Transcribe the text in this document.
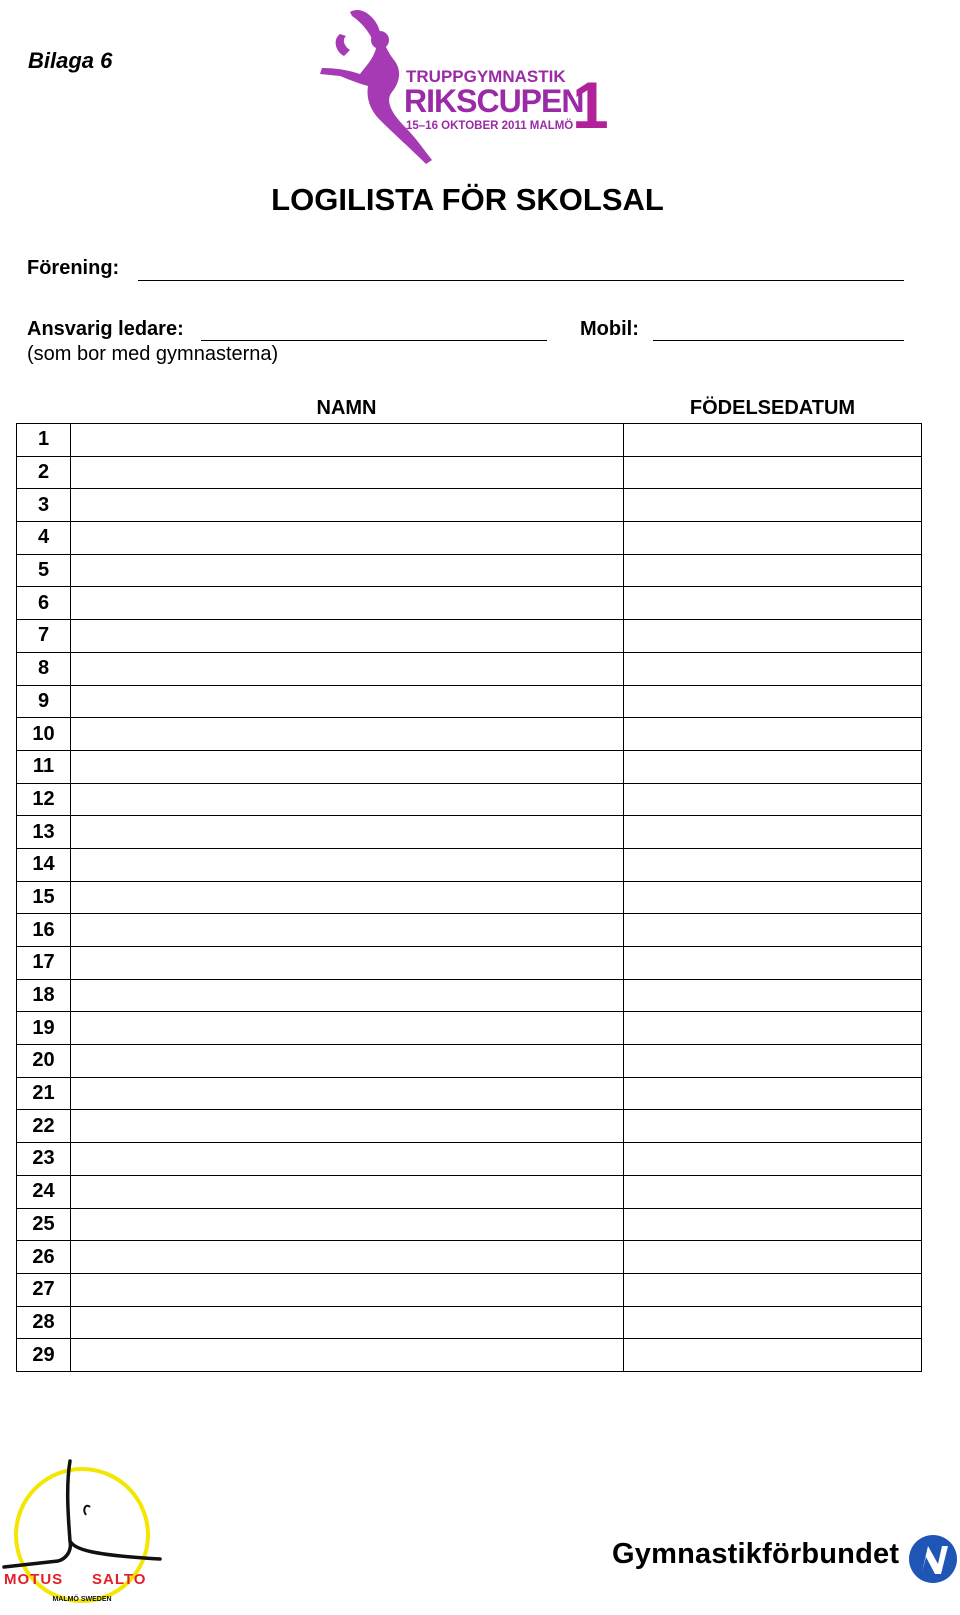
Bilaga 6
TRUPPGYMNASTIK
RIKSCUPEN
15–16 OKTOBER 2011 MALMÖ
1
LOGILISTA FÖR SKOLSAL
Förening:
Ansvarig ledare:
(som bor med gymnasterna)
Mobil:
NAMN	FÖDELSEDATUM
1		
2		
3		
4		
5		
6		
7		
8		
9		
10		
11		
12		
13		
14		
15		
16		
17		
18		
19		
20		
21		
22		
23		
24		
25		
26		
27		
28		
29		
MOTUS SALTO
MALMÖ SWEDEN
Gymnastikförbundet
